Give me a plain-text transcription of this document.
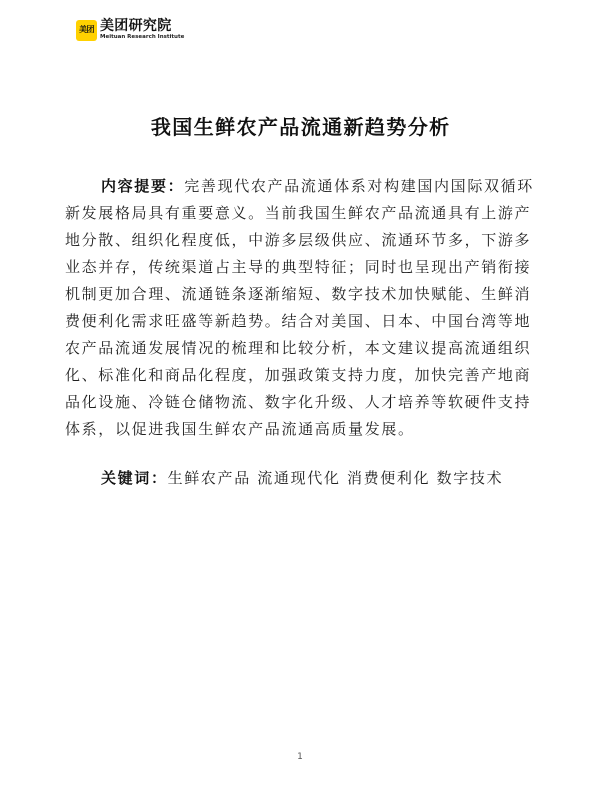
美团 美团研究院
Meituan Research Institute
我国生鲜农产品流通新趋势分析
内容提要：完善现代农产品流通体系对构建国内国际双循环
新发展格局具有重要意义。当前我国生鲜农产品流通具有上游产
地分散、组织化程度低，中游多层级供应、流通环节多，下游多
业态并存，传统渠道占主导的典型特征；同时也呈现出产销衔接
机制更加合理、流通链条逐渐缩短、数字技术加快赋能、生鲜消
费便利化需求旺盛等新趋势。结合对美国、日本、中国台湾等地
农产品流通发展情况的梳理和比较分析，本文建议提高流通组织
化、标准化和商品化程度，加强政策支持力度，加快完善产地商
品化设施、冷链仓储物流、数字化升级、人才培养等软硬件支持
体系，以促进我国生鲜农产品流通高质量发展。
关键词：生鲜农产品 流通现代化 消费便利化 数字技术
1
